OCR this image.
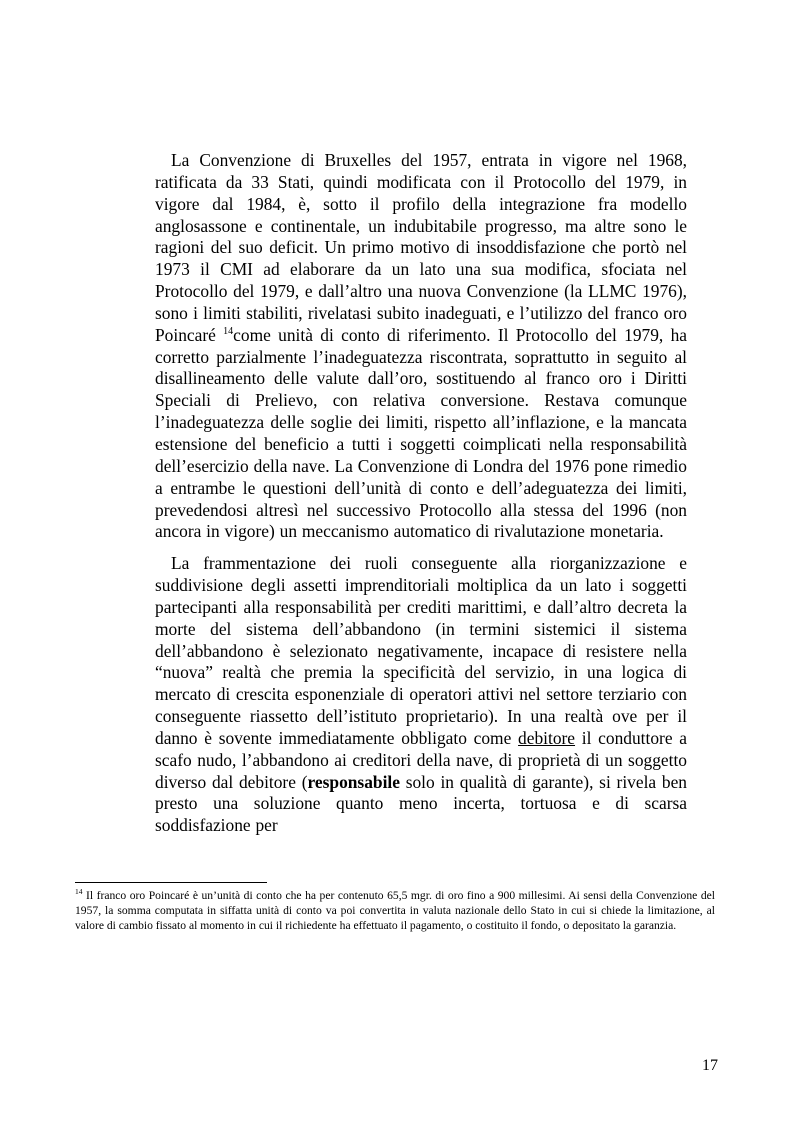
La Convenzione di Bruxelles del 1957, entrata in vigore nel 1968, ratificata da 33 Stati, quindi modificata con il Protocollo del 1979, in vigore dal 1984, è, sotto il profilo della integrazione fra modello anglosassone e continentale, un indubitabile progresso, ma altre sono le ragioni del suo deficit. Un primo motivo di insoddisfazione che portò nel 1973 il CMI ad elaborare da un lato una sua modifica, sfociata nel Protocollo del 1979, e dall’altro una nuova Convenzione (la LLMC 1976), sono i limiti stabiliti, rivelatasi subito inadeguati, e l’utilizzo del franco oro Poincaré $^{14}$come unità di conto di riferimento. Il Protocollo del 1979, ha corretto parzialmente l’inadeguatezza riscontrata, soprattutto in seguito al disallineamento delle valute dall’oro, sostituendo al franco oro i Diritti Speciali di Prelievo, con relativa conversione. Restava comunque l’inadeguatezza delle soglie dei limiti, rispetto all’inflazione, e la mancata estensione del beneficio a tutti i soggetti coimplicati nella responsabilità dell’esercizio della nave. La Convenzione di Londra del 1976 pone rimedio a entrambe le questioni dell’unità di conto e dell’adeguatezza dei limiti, prevedendosi altresì nel successivo Protocollo alla stessa del 1996 (non ancora in vigore) un meccanismo automatico di rivalutazione monetaria.

La frammentazione dei ruoli conseguente alla riorganizzazione e suddivisione degli assetti imprenditoriali moltiplica da un lato i soggetti partecipanti alla responsabilità per crediti marittimi, e dall’altro decreta la morte del sistema dell’abbandono (in termini sistemici il sistema dell’abbandono è selezionato negativamente, incapace di resistere nella “nuova” realtà che premia la specificità del servizio, in una logica di mercato di crescita esponenziale di operatori attivi nel settore terziario con conseguente riassetto dell’istituto proprietario). In una realtà ove per il danno è sovente immediatamente obbligato come debitore il conduttore a scafo nudo, l’abbandono ai creditori della nave, di proprietà di un soggetto diverso dal debitore (responsabile solo in qualità di garante), si rivela ben presto una soluzione quanto meno incerta, tortuosa e di scarsa soddisfazione per

$^{14}$ Il franco oro Poincaré è un’unità di conto che ha per contenuto 65,5 mgr. di oro fino a 900 millesimi. Ai sensi della Convenzione del 1957, la somma computata in siffatta unità di conto va poi convertita in valuta nazionale dello Stato in cui si chiede la limitazione, al valore di cambio fissato al momento in cui il richiedente ha effettuato il pagamento, o costituito il fondo, o depositato la garanzia.

17
